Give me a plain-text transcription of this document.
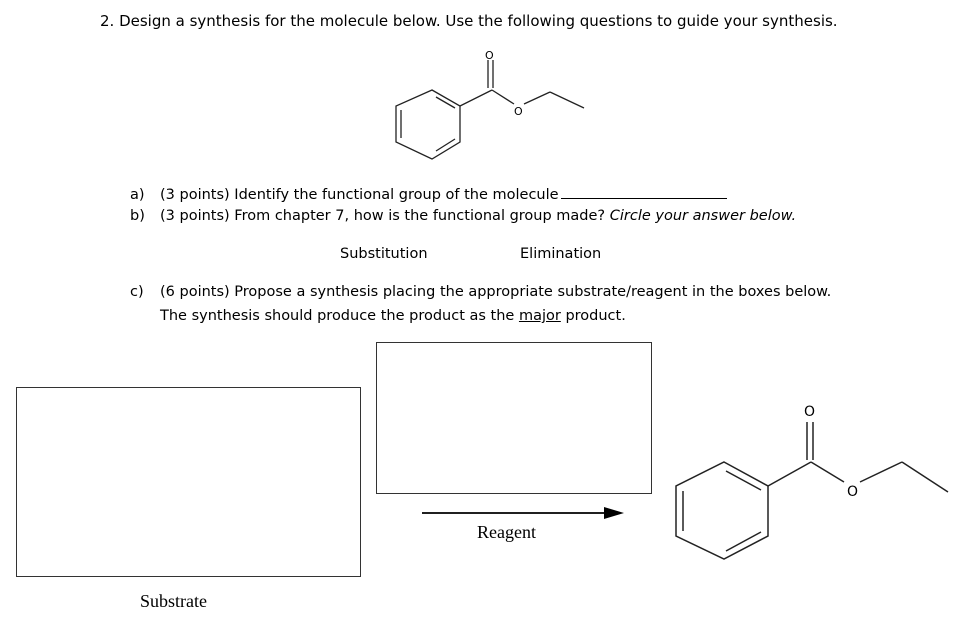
2. Design a synthesis for the molecule below. Use the following questions to guide your synthesis.
O
O
a) (3 points) Identify the functional group of the molecule
b) (3 points) From chapter 7, how is the functional group made? Circle your answer below.
Substitution	Elimination
c) (6 points) Propose a synthesis placing the appropriate substrate/reagent in the boxes below.
The synthesis should produce the product as the major product.
Substrate
Reagent
O
O
